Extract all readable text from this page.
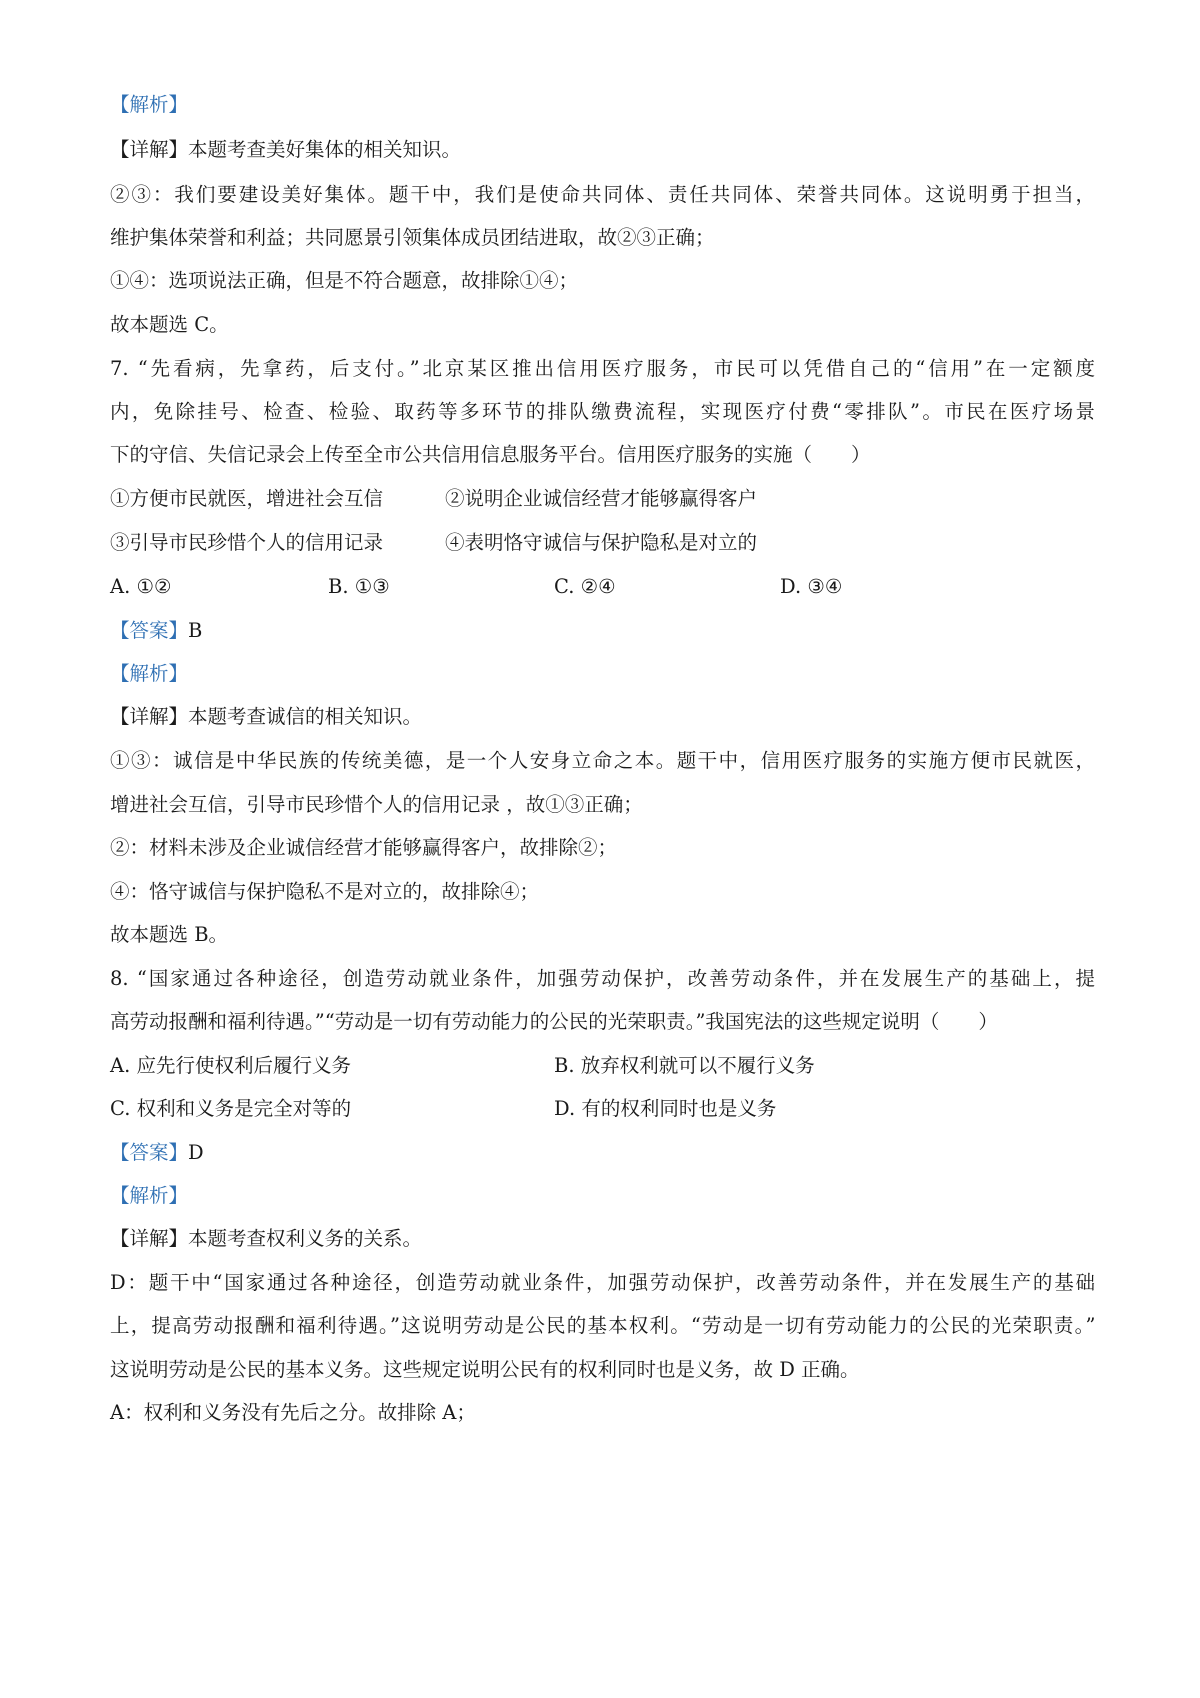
【解析】
【详解】本题考查美好集体的相关知识。
②③：我们要建设美好集体。题干中，我们是使命共同体、责任共同体、荣誉共同体。这说明勇于担当，
维护集体荣誉和利益；共同愿景引领集体成员团结进取，故②③正确；
①④：选项说法正确，但是不符合题意，故排除①④；
故本题选 C。
7. “先看病，先拿药，后支付。”北京某区推出信用医疗服务，市民可以凭借自己的“信用”在一定额度
内，免除挂号、检查、检验、取药等多环节的排队缴费流程，实现医疗付费“零排队”。市民在医疗场景
下的守信、失信记录会上传至全市公共信用信息服务平台。信用医疗服务的实施（　　）
①方便市民就医，增进社会互信	②说明企业诚信经营才能够赢得客户
③引导市民珍惜个人的信用记录	④表明恪守诚信与保护隐私是对立的
A. ①②	B. ①③	C. ②④	D. ③④
【答案】B
【解析】
【详解】本题考查诚信的相关知识。
①③：诚信是中华民族的传统美德，是一个人安身立命之本。题干中，信用医疗服务的实施方便市民就医，
增进社会互信，引导市民珍惜个人的信用记录 ，故①③正确；
②：材料未涉及企业诚信经营才能够赢得客户，故排除②；
④：恪守诚信与保护隐私不是对立的，故排除④；
故本题选 B。
8. “国家通过各种途径，创造劳动就业条件，加强劳动保护，改善劳动条件，并在发展生产的基础上，提
高劳动报酬和福利待遇。”“劳动是一切有劳动能力的公民的光荣职责。”我国宪法的这些规定说明（　　）
A. 应先行使权利后履行义务	B. 放弃权利就可以不履行义务
C. 权利和义务是完全对等的	D. 有的权利同时也是义务
【答案】D
【解析】
【详解】本题考查权利义务的关系。
D：题干中“国家通过各种途径，创造劳动就业条件，加强劳动保护，改善劳动条件，并在发展生产的基础
上，提高劳动报酬和福利待遇。”这说明劳动是公民的基本权利。“劳动是一切有劳动能力的公民的光荣职责。”
这说明劳动是公民的基本义务。这些规定说明公民有的权利同时也是义务，故 D 正确。
A：权利和义务没有先后之分。故排除 A；
